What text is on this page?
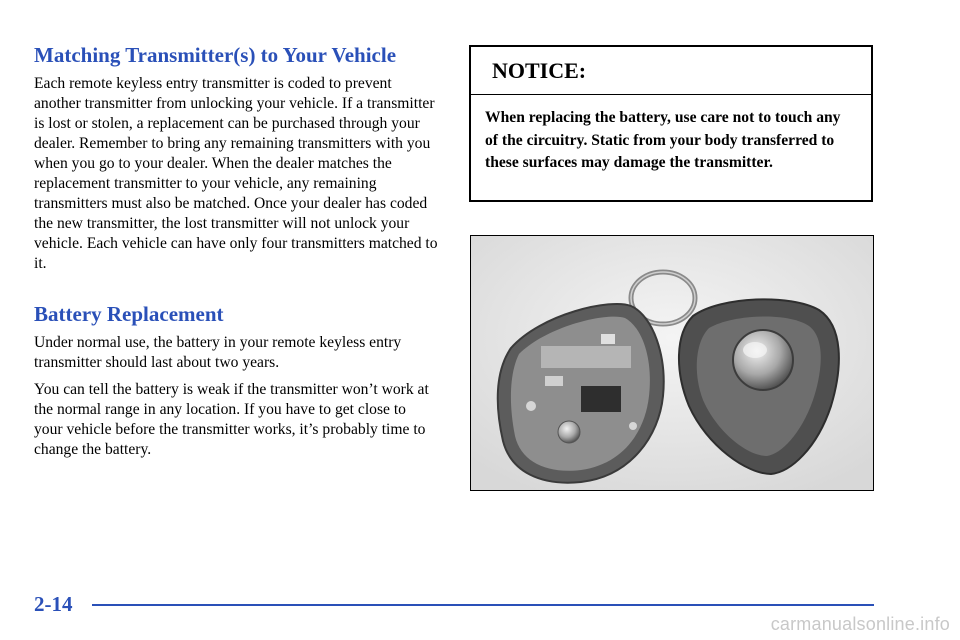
Matching Transmitter(s) to Your Vehicle

Each remote keyless entry transmitter is coded to prevent another transmitter from unlocking your vehicle. If a transmitter is lost or stolen, a replacement can be purchased through your dealer. Remember to bring any remaining transmitters with you when you go to your dealer. When the dealer matches the replacement transmitter to your vehicle, any remaining transmitters must also be matched. Once your dealer has coded the new transmitter, the lost transmitter will not unlock your vehicle. Each vehicle can have only four transmitters matched to it.

Battery Replacement

Under normal use, the battery in your remote keyless entry transmitter should last about two years.

You can tell the battery is weak if the transmitter won’t work at the normal range in any location. If you have to get close to your vehicle before the transmitter works, it’s probably time to change the battery.

NOTICE:

When replacing the battery, use care not to touch any of the circuitry. Static from your body transferred to these surfaces may damage the transmitter.

2-14

carmanualsonline.info
